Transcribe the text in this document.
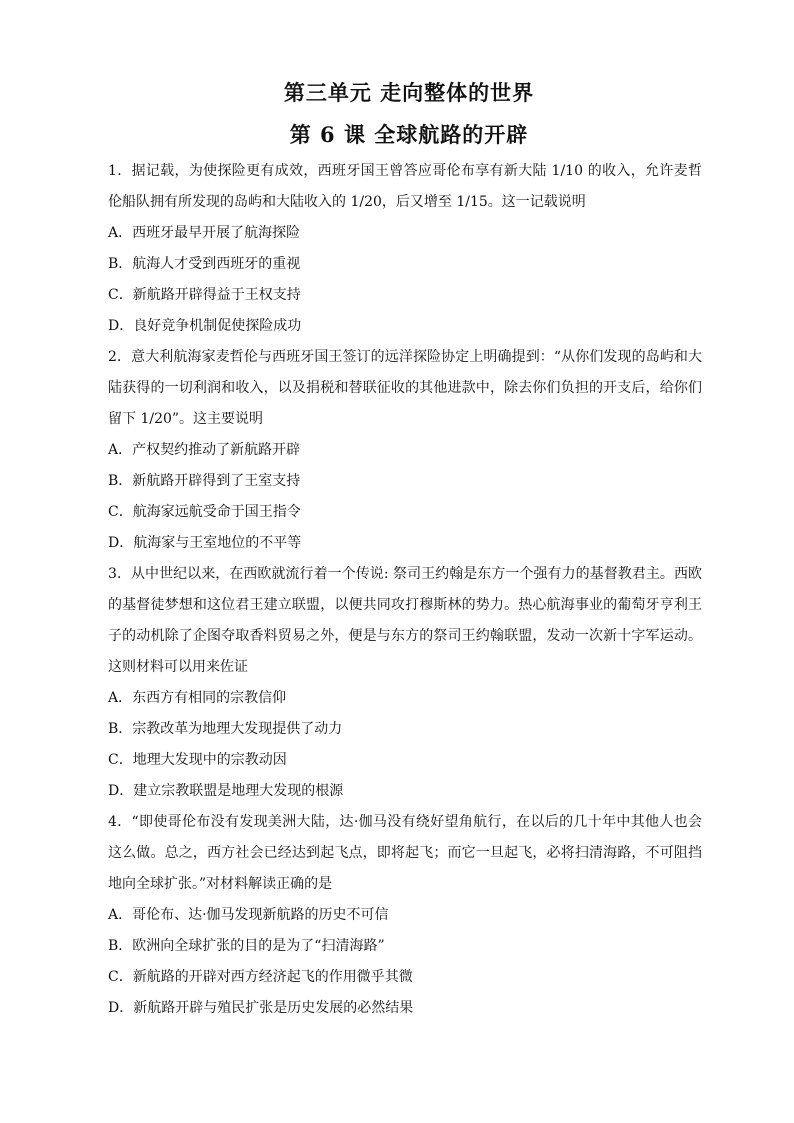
第三单元 走向整体的世界
第 6 课 全球航路的开辟

1．据记载，为使探险更有成效，西班牙国王曾答应哥伦布享有新大陆 1/10 的收入，允许麦哲伦船队拥有所发现的岛屿和大陆收入的 1/20，后又增至 1/15。这一记载说明

A．西班牙最早开展了航海探险

B．航海人才受到西班牙的重视

C．新航路开辟得益于王权支持

D．良好竞争机制促使探险成功

2．意大利航海家麦哲伦与西班牙国王签订的远洋探险协定上明确提到：“从你们发现的岛屿和大陆获得的一切利润和收入，以及捐税和替联征收的其他进款中，除去你们负担的开支后，给你们留下 1/20”。这主要说明

A．产权契约推动了新航路开辟

B．新航路开辟得到了王室支持

C．航海家远航受命于国王指令

D．航海家与王室地位的不平等

3．从中世纪以来，在西欧就流行着一个传说: 祭司王约翰是东方一个强有力的基督教君主。西欧的基督徒梦想和这位君王建立联盟，以便共同攻打穆斯林的势力。热心航海事业的葡萄牙亨利王子的动机除了企图夺取香料贸易之外，便是与东方的祭司王约翰联盟，发动一次新十字军运动。这则材料可以用来佐证

A．东西方有相同的宗教信仰

B．宗教改革为地理大发现提供了动力

C．地理大发现中的宗教动因

D．建立宗教联盟是地理大发现的根源

4．“即使哥伦布没有发现美洲大陆，达·伽马没有绕好望角航行，在以后的几十年中其他人也会这么做。总之，西方社会已经达到起飞点，即将起飞；而它一旦起飞，必将扫清海路，不可阻挡地向全球扩张。”对材料解读正确的是

A．哥伦布、达·伽马发现新航路的历史不可信

B．欧洲向全球扩张的目的是为了“扫清海路”

C．新航路的开辟对西方经济起飞的作用微乎其微

D．新航路开辟与殖民扩张是历史发展的必然结果
